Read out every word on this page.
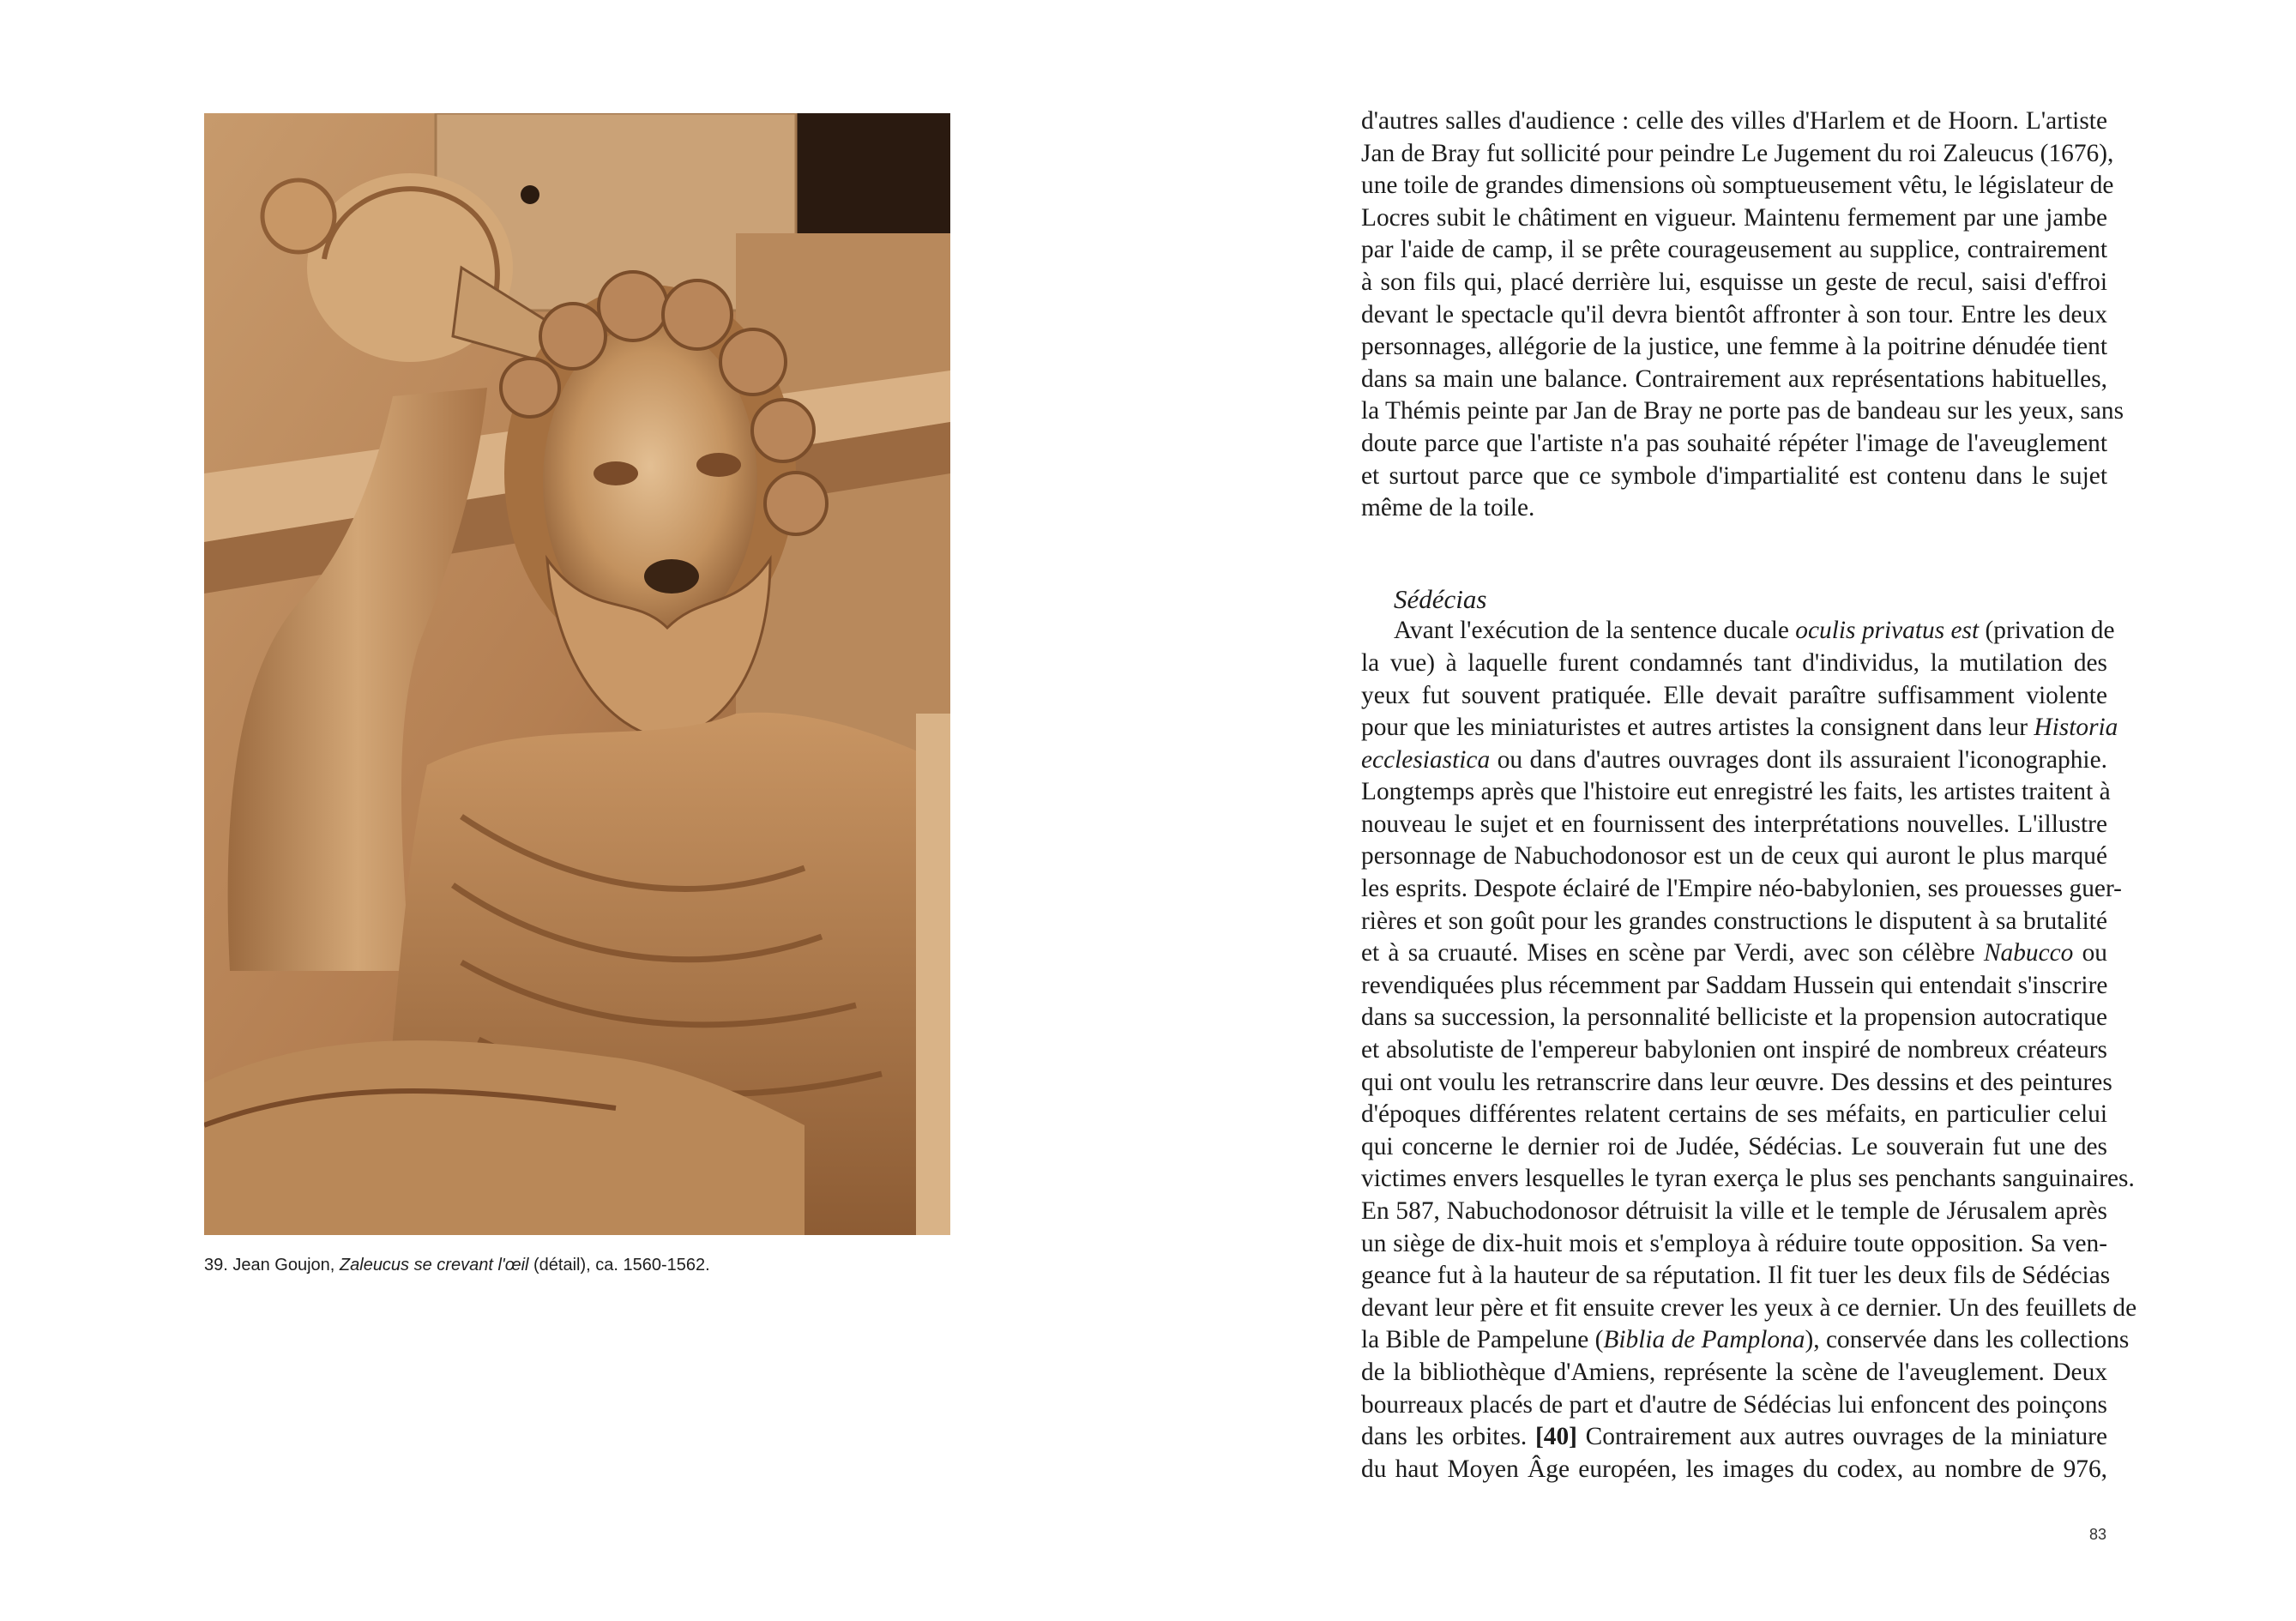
39. Jean Goujon, Zaleucus se crevant l'œil (détail), ca. 1560-1562.
d'autres salles d'audience : celle des villes d'Harlem et de Hoorn. L'artiste
Jan de Bray fut sollicité pour peindre Le Jugement du roi Zaleucus (1676),
une toile de grandes dimensions où somptueusement vêtu, le législateur de
Locres subit le châtiment en vigueur. Maintenu fermement par une jambe
par l'aide de camp, il se prête courageusement au supplice, contrairement
à son fils qui, placé derrière lui, esquisse un geste de recul, saisi d'effroi
devant le spectacle qu'il devra bientôt affronter à son tour. Entre les deux
personnages, allégorie de la justice, une femme à la poitrine dénudée tient
dans sa main une balance. Contrairement aux représentations habituelles,
la Thémis peinte par Jan de Bray ne porte pas de bandeau sur les yeux, sans
doute parce que l'artiste n'a pas souhaité répéter l'image de l'aveuglement
et surtout parce que ce symbole d'impartialité est contenu dans le sujet
même de la toile.
Sédécias
Avant l'exécution de la sentence ducale oculis privatus est (privation de
la vue) à laquelle furent condamnés tant d'individus, la mutilation des
yeux fut souvent pratiquée. Elle devait paraître suffisamment violente
pour que les miniaturistes et autres artistes la consignent dans leur Historia
ecclesiastica ou dans d'autres ouvrages dont ils assuraient l'iconographie.
Longtemps après que l'histoire eut enregistré les faits, les artistes traitent à
nouveau le sujet et en fournissent des interprétations nouvelles. L'illustre
personnage de Nabuchodonosor est un de ceux qui auront le plus marqué
les esprits. Despote éclairé de l'Empire néo-babylonien, ses prouesses guer-
rières et son goût pour les grandes constructions le disputent à sa brutalité
et à sa cruauté. Mises en scène par Verdi, avec son célèbre Nabucco ou
revendiquées plus récemment par Saddam Hussein qui entendait s'inscrire
dans sa succession, la personnalité belliciste et la propension autocratique
et absolutiste de l'empereur babylonien ont inspiré de nombreux créateurs
qui ont voulu les retranscrire dans leur œuvre. Des dessins et des peintures
d'époques différentes relatent certains de ses méfaits, en particulier celui
qui concerne le dernier roi de Judée, Sédécias. Le souverain fut une des
victimes envers lesquelles le tyran exerça le plus ses penchants sanguinaires.
En 587, Nabuchodonosor détruisit la ville et le temple de Jérusalem après
un siège de dix-huit mois et s'employa à réduire toute opposition. Sa ven-
geance fut à la hauteur de sa réputation. Il fit tuer les deux fils de Sédécias
devant leur père et fit ensuite crever les yeux à ce dernier. Un des feuillets de
la Bible de Pampelune (Biblia de Pamplona), conservée dans les collections
de la bibliothèque d'Amiens, représente la scène de l'aveuglement. Deux
bourreaux placés de part et d'autre de Sédécias lui enfoncent des poinçons
dans les orbites. [40] Contrairement aux autres ouvrages de la miniature
du haut Moyen Âge européen, les images du codex, au nombre de 976,
83
